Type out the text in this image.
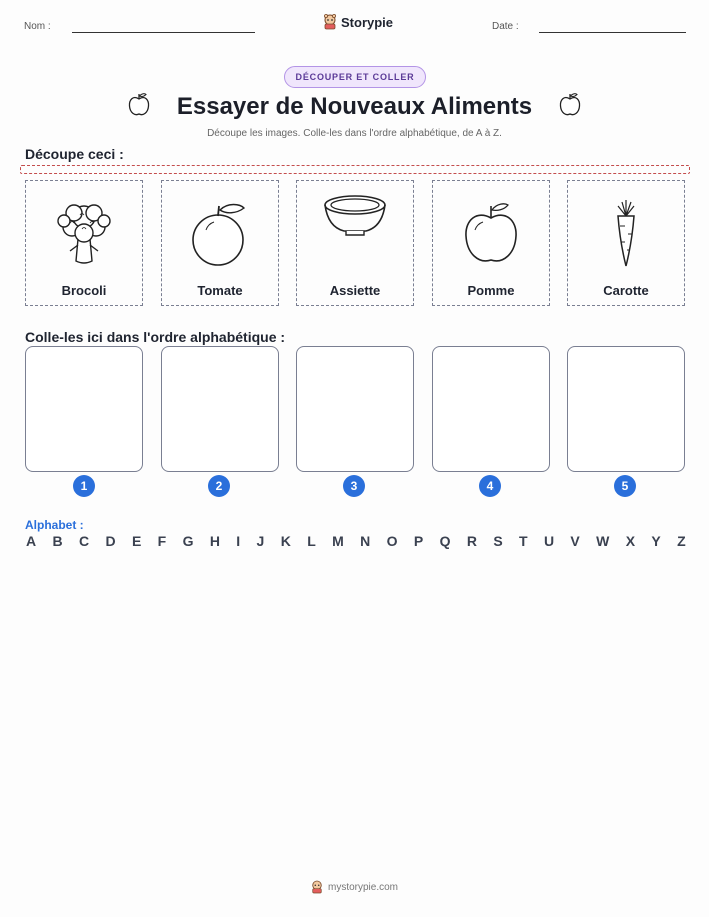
Nom :	Storypie	Date :
DÉCOUPER ET COLLER
Essayer de Nouveaux Aliments
Découpe les images. Colle-les dans l'ordre alphabétique, de A à Z.
Découpe ceci :
Brocoli	Tomate	Assiette	Pomme	Carotte
Colle-les ici dans l'ordre alphabétique :
1	2	3	4	5
Alphabet :
A B C D E F G H I J K L M N O P Q R S T U V W X Y Z
mystorypie.com
